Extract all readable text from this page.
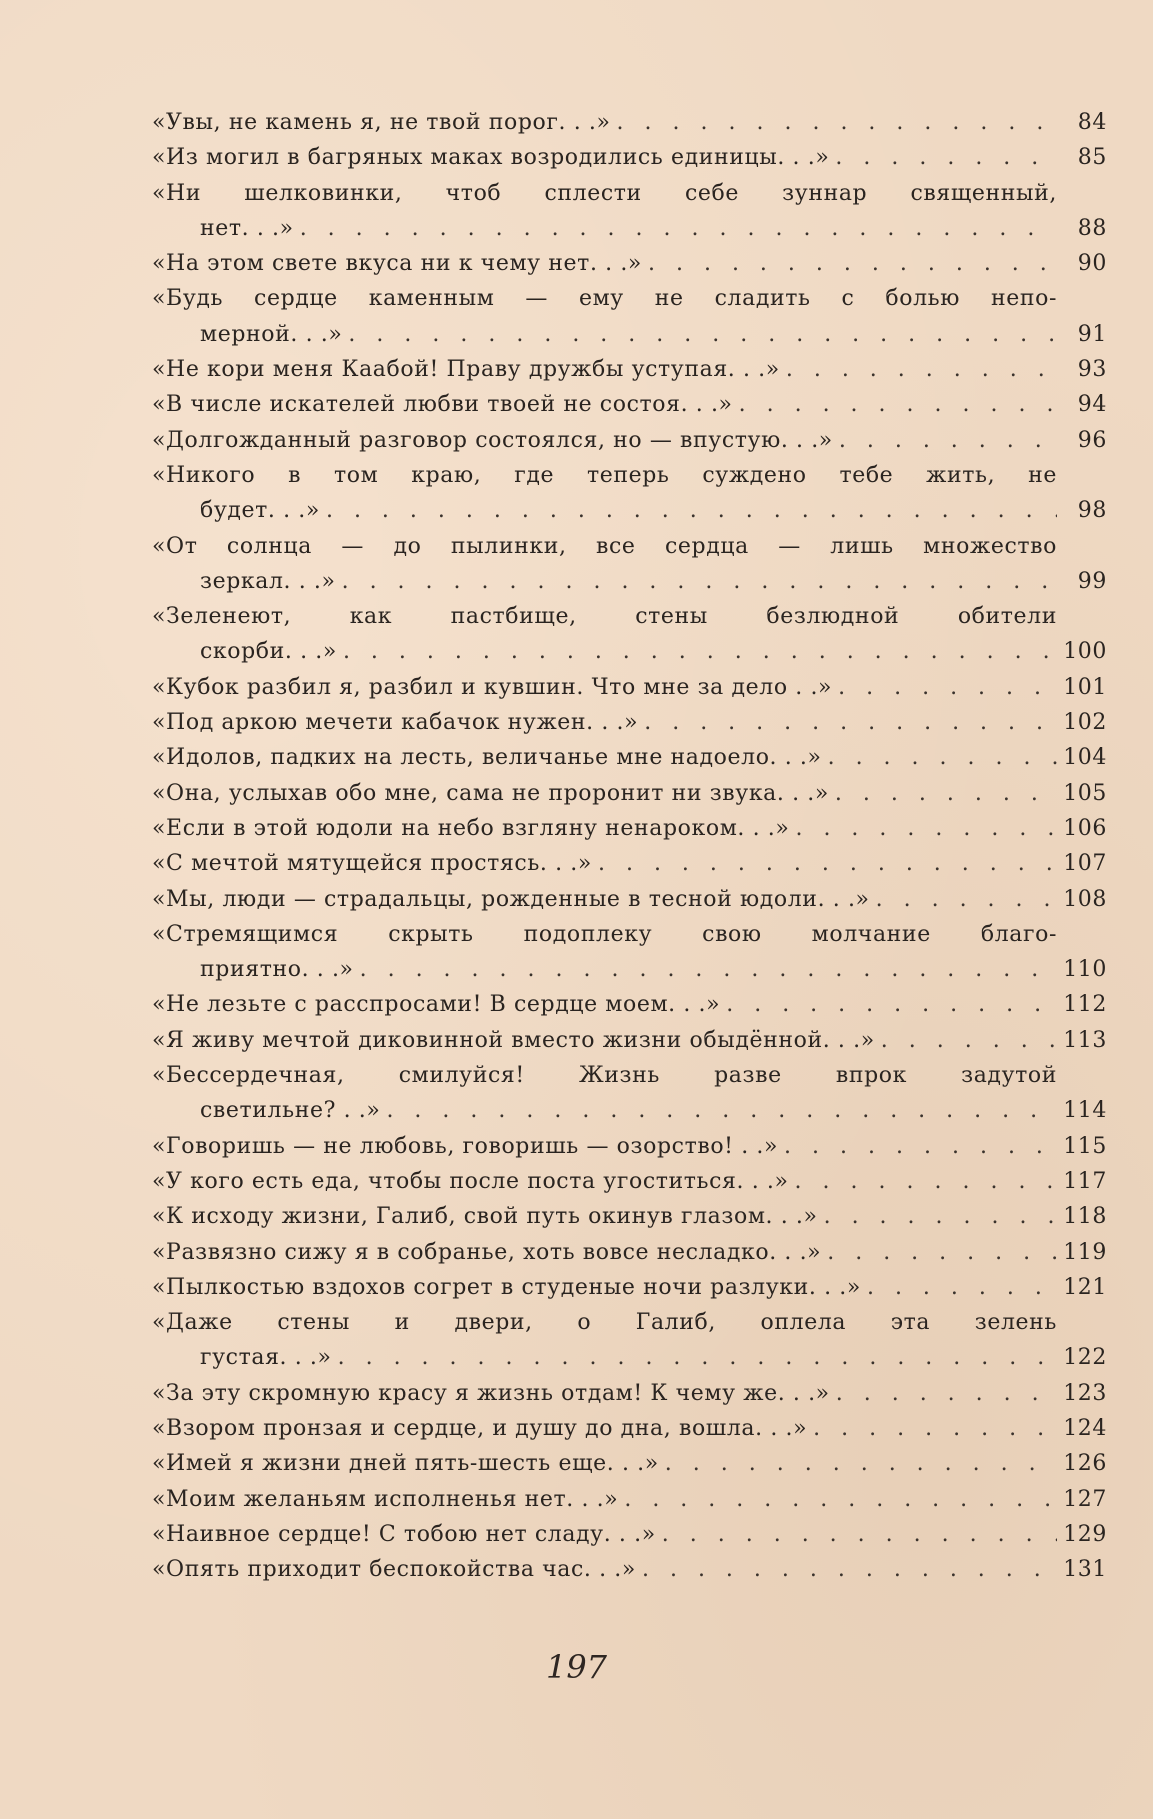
«Увы, не камень я, не твой порог. . .» . . .	84
«Из могил в багряных маках возродились единицы. . .» . . .	85
«Ни шелковинки, чтоб сплести себе зуннар священный,
нет. . .» . . .	88
«На этом свете вкуса ни к чему нет. . .» . . .	90
«Будь сердце каменным — ему не сладить с болью непо-
мерной. . .» . . .	91
«Не кори меня Каабой! Праву дружбы уступая. . .» . . .	93
«В числе искателей любви твоей не состоя. . .» . . .	94
«Долгожданный разговор состоялся, но — впустую. . .» . . .	96
«Никого в том краю, где теперь суждено тебе жить, не
будет. . .» . . .	98
«От солнца — до пылинки, все сердца — лишь множество
зеркал. . .» . . .	99
«Зеленеют, как пастбище, стены безлюдной обители
скорби. . .» . . .	100
«Кубок разбил я, разбил и кувшин. Что мне за дело . .» . . .	101
«Под аркою мечети кабачок нужен. . .» . . .	102
«Идолов, падких на лесть, величанье мне надоело. . .» . . .	104
«Она, услыхав обо мне, сама не проронит ни звука. . .» . . .	105
«Если в этой юдоли на небо взгляну ненароком. . .» . . .	106
«С мечтой мятущейся простясь. . .» . . .	107
«Мы, люди — страдальцы, рожденные в тесной юдоли. . .» . . .	108
«Стремящимся скрыть подоплеку свою молчание благо-
приятно. . .» . . .	110
«Не лезьте с расспросами! В сердце моем. . .» . . .	112
«Я живу мечтой диковинной вместо жизни обыдённой. . .» . . .	113
«Бессердечная, смилуйся! Жизнь разве впрок задутой
светильне? . .» . . .	114
«Говоришь — не любовь, говоришь — озорство! . .» . . .	115
«У кого есть еда, чтобы после поста угоститься. . .» . . .	117
«К исходу жизни, Галиб, свой путь окинув глазом. . .» . . .	118
«Развязно сижу я в собранье, хоть вовсе несладко. . .» . . .	119
«Пылкостью вздохов согрет в студеные ночи разлуки. . .» . . .	121
«Даже стены и двери, о Галиб, оплела эта зелень
густая. . .» . . .	122
«За эту скромную красу я жизнь отдам! К чему же. . .» . . .	123
«Взором пронзая и сердце, и душу до дна, вошла. . .» . . .	124
«Имей я жизни дней пять-шесть еще. . .» . . .	126
«Моим желаньям исполненья нет. . .» . . .	127
«Наивное сердце! С тобою нет сладу. . .» . . .	129
«Опять приходит беспокойства час. . .» . . .	131
197
